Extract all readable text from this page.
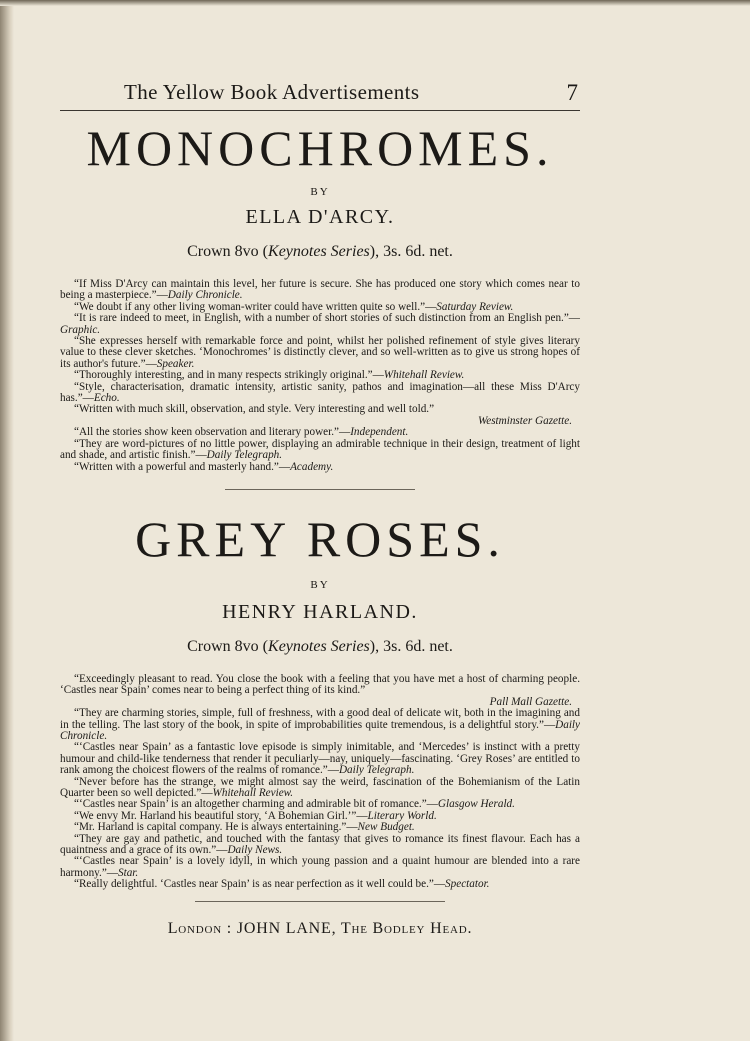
The Yellow Book Advertisements	7
MONOCHROMES.
BY
ELLA D'ARCY.
Crown 8vo (Keynotes Series), 3s. 6d. net.

“If Miss D'Arcy can maintain this level, her future is secure. She has produced one story which comes near to being a masterpiece.”—Daily Chronicle.

“We doubt if any other living woman-writer could have written quite so well.”—Saturday Review.

“It is rare indeed to meet, in English, with a number of short stories of such distinction from an English pen.”—Graphic.

“She expresses herself with remarkable force and point, whilst her polished refinement of style gives literary value to these clever sketches. ‘Monochromes’ is distinctly clever, and so well-written as to give us strong hopes of its author's future.”—Speaker.

“Thoroughly interesting, and in many respects strikingly original.”—Whitehall Review.

“Style, characterisation, dramatic intensity, artistic sanity, pathos and imagination—all these Miss D'Arcy has.”—Echo.

“Written with much skill, observation, and style. Very interesting and well told.”

Westminster Gazette.

“All the stories show keen observation and literary power.”—Independent.

“They are word-pictures of no little power, displaying an admirable technique in their design, treatment of light and shade, and artistic finish.”—Daily Telegraph.

“Written with a powerful and masterly hand.”—Academy.

GREY ROSES.
BY
HENRY HARLAND.
Crown 8vo (Keynotes Series), 3s. 6d. net.

“Exceedingly pleasant to read. You close the book with a feeling that you have met a host of charming people. ‘Castles near Spain’ comes near to being a perfect thing of its kind.”

Pall Mall Gazette.

“They are charming stories, simple, full of freshness, with a good deal of delicate wit, both in the imagining and in the telling. The last story of the book, in spite of improbabilities quite tremendous, is a delightful story.”—Daily Chronicle.

“‘Castles near Spain’ as a fantastic love episode is simply inimitable, and ‘Mercedes’ is instinct with a pretty humour and child-like tenderness that render it peculiarly—nay, uniquely—fascinating. ‘Grey Roses’ are entitled to rank among the choicest flowers of the realms of romance.”—Daily Telegraph.

“Never before has the strange, we might almost say the weird, fascination of the Bohemianism of the Latin Quarter been so well depicted.”—Whitehall Review.

“‘Castles near Spain’ is an altogether charming and admirable bit of romance.”—Glasgow Herald.

“We envy Mr. Harland his beautiful story, ‘A Bohemian Girl.’”—Literary World.

“Mr. Harland is capital company. He is always entertaining.”—New Budget.

“They are gay and pathetic, and touched with the fantasy that gives to romance its finest flavour. Each has a quaintness and a grace of its own.”—Daily News.

“‘Castles near Spain’ is a lovely idyll, in which young passion and a quaint humour are blended into a rare harmony.”—Star.

“Really delightful. ‘Castles near Spain’ is as near perfection as it well could be.”—Spectator.

London : JOHN LANE, The Bodley Head.
